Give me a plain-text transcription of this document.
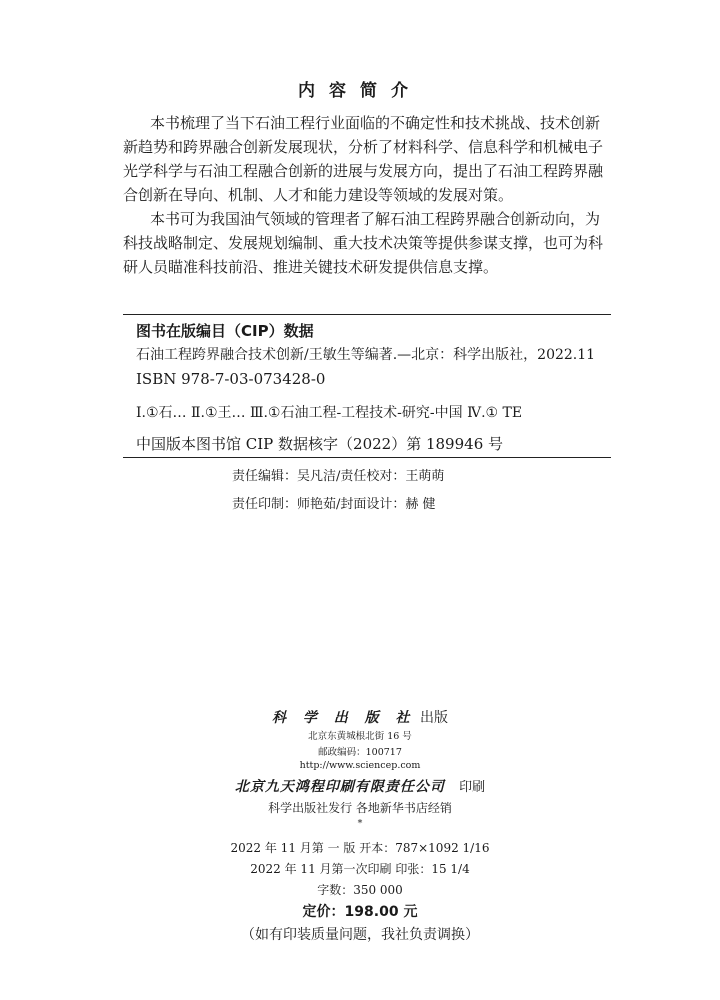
内容简介
本书梳理了当下石油工程行业面临的不确定性和技术挑战、技术创新
新趋势和跨界融合创新发展现状，分析了材料科学、信息科学和机械电子
光学科学与石油工程融合创新的进展与发展方向，提出了石油工程跨界融
合创新在导向、机制、人才和能力建设等领域的发展对策。
本书可为我国油气领域的管理者了解石油工程跨界融合创新动向，为
科技战略制定、发展规划编制、重大技术决策等提供参谋支撑，也可为科
研人员瞄准科技前沿、推进关键技术研发提供信息支撑。
图书在版编目（CIP）数据
石油工程跨界融合技术创新/王敏生等编著.—北京：科学出版社，2022.11
ISBN 978-7-03-073428-0
Ⅰ.①石… Ⅱ.①王… Ⅲ.①石油工程-工程技术-研究-中国 Ⅳ.① TE
中国版本图书馆 CIP 数据核字（2022）第 189946 号
责任编辑：吴凡洁/责任校对：王萌萌
责任印制：师艳茹/封面设计：赫 健
科 学 出 版 社 出版
北京东黄城根北街 16 号
邮政编码：100717
http://www.sciencep.com
北京九天鸿程印刷有限责任公司 印刷
科学出版社发行 各地新华书店经销
*
2022 年 11 月第 一 版 开本：787×1092 1/16
2022 年 11 月第一次印刷 印张：15 1/4
字数：350 000
定价：198.00 元
（如有印装质量问题，我社负责调换）
